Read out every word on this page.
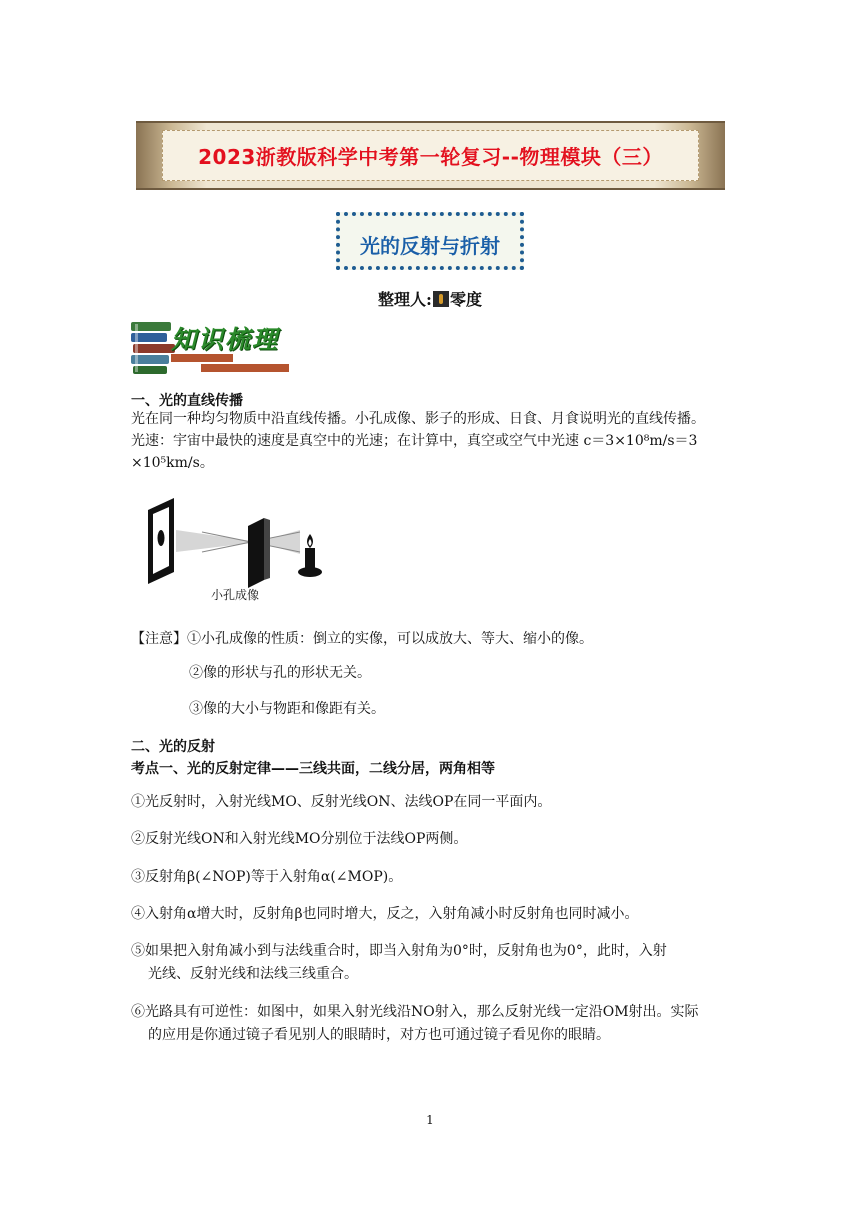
2023浙教版科学中考第一轮复习--物理模块（三）
光的反射与折射
整理人: 零度
知识梳理
一、光的直线传播
光在同一种均匀物质中沿直线传播。小孔成像、影子的形成、日食、月食说明光的直线传播。
光速：宇宙中最快的速度是真空中的光速；在计算中，真空或空气中光速 c＝3×10⁸m/s＝3
×10⁵km/s。
小孔成像
【注意】①小孔成像的性质：倒立的实像，可以成放大、等大、缩小的像。
②像的形状与孔的形状无关。
③像的大小与物距和像距有关。
二、光的反射
考点一、光的反射定律——三线共面，二线分居，两角相等
①光反射时，入射光线MO、反射光线ON、法线OP在同一平面内。
②反射光线ON和入射光线MO分别位于法线OP两侧。
③反射角β(∠NOP)等于入射角α(∠MOP)。
④入射角α增大时，反射角β也同时增大，反之，入射角减小时反射角也同时减小。
⑤如果把入射角减小到与法线重合时，即当入射角为0°时，反射角也为0°，此时，入射
光线、反射光线和法线三线重合。
⑥光路具有可逆性：如图中，如果入射光线沿NO射入，那么反射光线一定沿OM射出。实际
的应用是你通过镜子看见别人的眼睛时，对方也可通过镜子看见你的眼睛。
1
